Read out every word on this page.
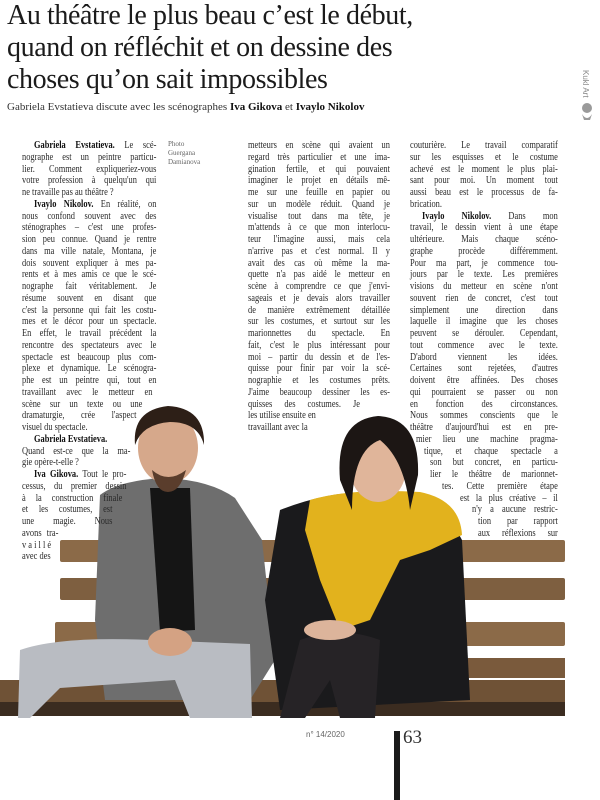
Au théâtre le plus beau c’est le début,
quand on réfléchit et on dessine des
choses qu’on sait impossibles
Gabriela Evstatieva discute avec les scénographes Iva Gikova et Ivaylo Nikolov
Kukl Art
Photo
Guergana
Damianova
Gabriela Evstatieva. Le scé-
nographe est un peintre particu-
lier. Comment expliqueriez-vous
votre profession à quelqu'un qui
ne travaille pas au théâtre ?
Ivaylo Nikolov. En réalité, on
nous confond souvent avec des
sténographes – c'est une profes-
sion peu connue. Quand je rentre
dans ma ville natale, Montana, je
dois souvent expliquer à mes pa-
rents et à mes amis ce que le scé-
nographe fait véritablement. Je
résume souvent en disant que
c'est la personne qui fait les costu-
mes et le décor pour un spectacle.
En effet, le travail précédent la
rencontre des spectateurs avec le
spectacle est beaucoup plus com-
plexe et dynamique. Le scénogra-
phe est un peintre qui, tout en
travaillant avec le metteur en
scène sur un texte ou une
dramaturgie, crée l'aspect
visuel du spectacle.
Gabriela Evstatieva.
Quand est-ce que la ma-
gie opère-t-elle ?
Iva Gikova. Tout le pro-
cessus, du premier dessin
à la construction finale
et les costumes, est
une magie. Nous
avons tra-
v a i l l é
avec des
metteurs en scène qui avaient un
regard très particulier et une ima-
gination fertile, et qui pouvaient
imaginer le projet en détails mê-
me sur une feuille en papier ou
sur un modèle réduit. Quand je
visualise tout dans ma tête, je
m'attends à ce que mon interlocu-
teur l'imagine aussi, mais cela
n'arrive pas et c'est normal. Il y
avait des cas où même la ma-
quette n'a pas aidé le metteur en
scène à comprendre ce que j'envi-
sageais et je devais alors travailler
de manière extrêmement détaillée
sur les costumes, et surtout sur les
marionnettes du spectacle. En
fait, c'est le plus intéressant pour
moi – partir du dessin et de l'es-
quisse pour finir par voir la scé-
nographie et les costumes prêts.
J'aime beaucoup dessiner les es-
quisses des costumes. Je
les utilise ensuite en
travaillant avec la
couturière. Le travail comparatif
sur les esquisses et le costume
achevé est le moment le plus plai-
sant pour moi. Un moment tout
aussi beau est le processus de fa-
brication.
Ivaylo Nikolov. Dans mon
travail, le dessin vient à une étape
ultérieure. Mais chaque scéno-
graphe procède différemment.
Pour ma part, je commence tou-
jours par le texte. Les premières
visions du metteur en scène n'ont
souvent rien de concret, c'est tout
simplement une direction dans
laquelle il imagine que les choses
peuvent se dérouler. Cependant,
tout commence avec le texte.
D'abord viennent les idées.
Certaines sont rejetées, d'autres
doivent être affinées. Des choses
qui pourraient se passer ou non
en fonction des circonstances.
Nous sommes conscients que le
théâtre d'aujourd'hui est en pre-
mier lieu une machine pragma-
tique, et chaque spectacle a
son but concret, en particu-
lier le théâtre de marionnet-
tes. Cette première étape
est la plus créative – il
n'y a aucune restric-
tion par rapport
aux réflexions sur
n° 14/2020	63
